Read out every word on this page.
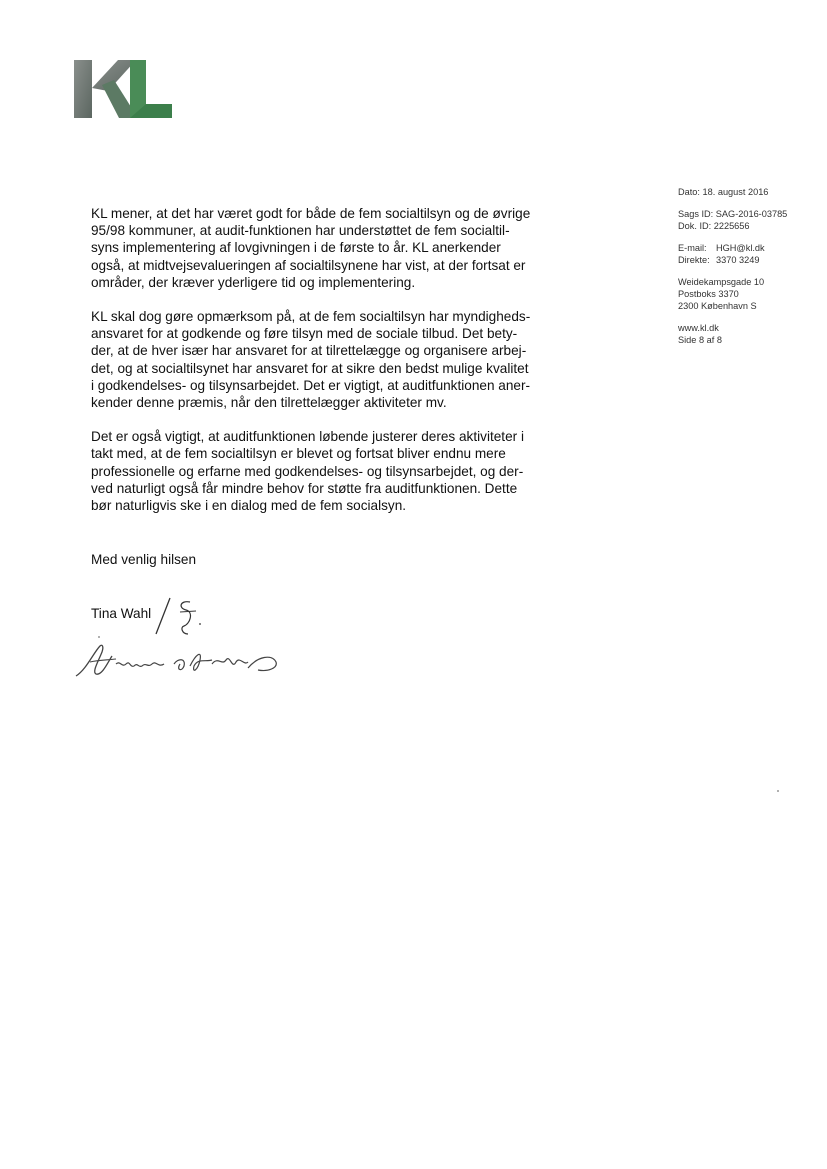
Dato: 18. august 2016
Sags ID: SAG-2016-03785
Dok. ID: 2225656
E-mail:	HGH@kl.dk
Direkte: 3370 3249
Weidekampsgade 10
Postboks 3370
2300 København S
www.kl.dk
Side 8 af 8

KL mener, at det har været godt for både de fem socialtilsyn og de øvrige
95/98 kommuner, at audit-funktionen har understøttet de fem socialtil-
syns implementering af lovgivningen i de første to år. KL anerkender
også, at midtvejsevalueringen af socialtilsynene har vist, at der fortsat er
områder, der kræver yderligere tid og implementering.

KL skal dog gøre opmærksom på, at de fem socialtilsyn har myndigheds-
ansvaret for at godkende og føre tilsyn med de sociale tilbud. Det bety-
der, at de hver især har ansvaret for at tilrettelægge og organisere arbej-
det, og at socialtilsynet har ansvaret for at sikre den bedst mulige kvalitet
i godkendelses- og tilsynsarbejdet. Det er vigtigt, at auditfunktionen aner-
kender denne præmis, når den tilrettelægger aktiviteter mv.

Det er også vigtigt, at auditfunktionen løbende justerer deres aktiviteter i
takt med, at de fem socialtilsyn er blevet og fortsat bliver endnu mere
professionelle og erfarne med godkendelses- og tilsynsarbejdet, og der-
ved naturligt også får mindre behov for støtte fra auditfunktionen. Dette
bør naturligvis ske i en dialog med de fem socialsyn.

Med venlig hilsen
Tina Wahl
